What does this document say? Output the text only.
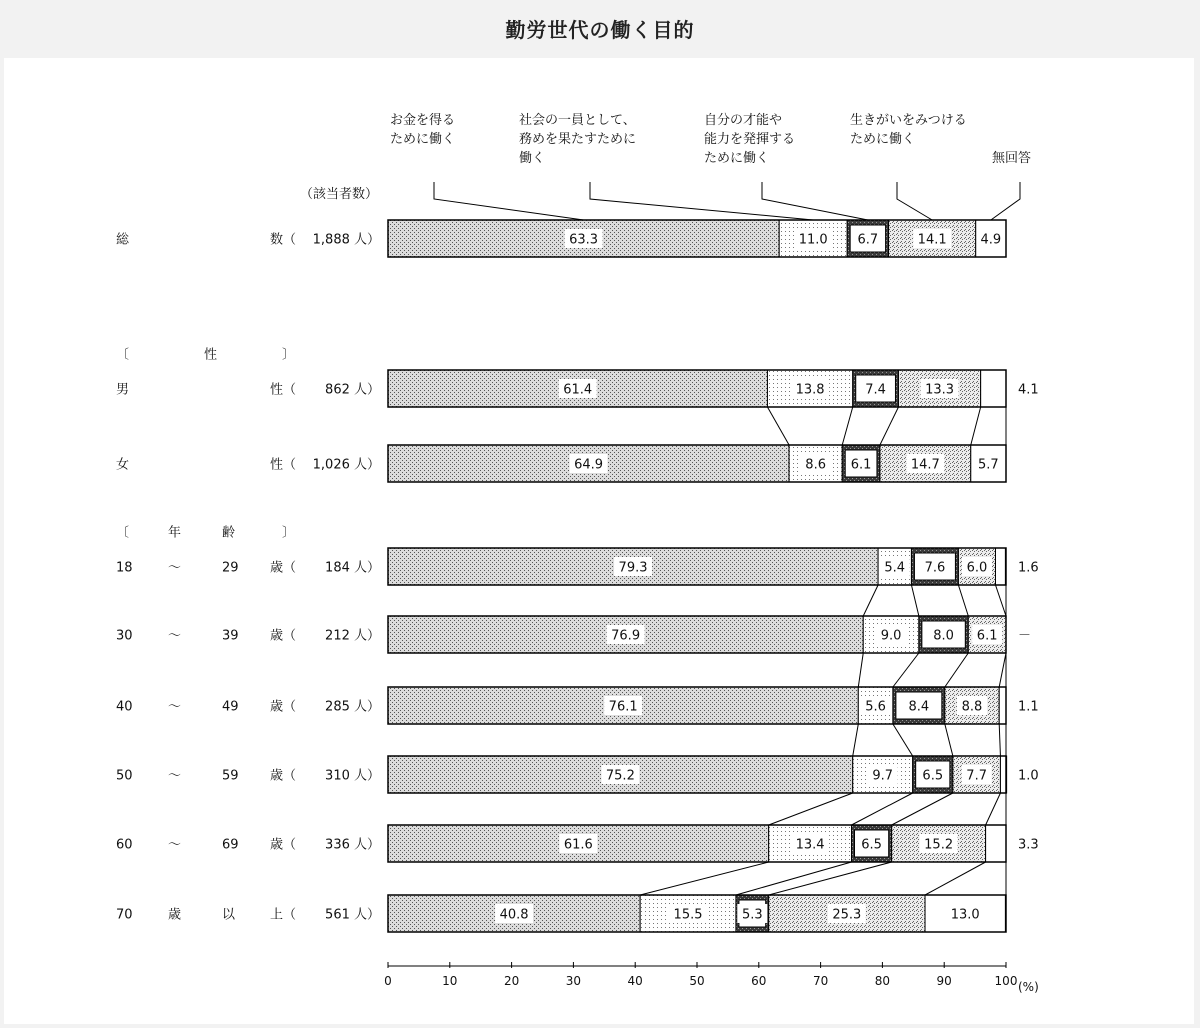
勤労世代の働く目的
（該当者数）
お金を得る
ために働く
社会の一員として、
務めを果たすために
働く
自分の才能や
能力を発揮する
ために働く
生きがいをみつける
ために働く
無回答
総	数（ 1,888 人）	63.3	11.0 6.7	14.1	4.9
〔	性	〕
男	性（ 862 人）	61.4	13.8	7.4	13.3	4.1
女	性（ 1,026 人）	64.9	8.6 6.1	14.7	5.7
〔	年	齢	〕
18	～	29 歳（ 184 人）	79.3	5.4 7.6 6.0 1.6
30	～	39 歳（ 212 人）	76.9	9.0 8.0 6.1 －
40	～	49 歳（ 285 人）	76.1	5.6 8.4 8.8	1.1
50	～	59 歳（ 310 人）	75.2	9.7 6.5 7.7 1.0
60	～	69 歳（ 336 人）	61.6	13.4	6.5	15.2	3.3
70	歳	以	上（ 561 人）	40.8	15.5	5.3	25.3	13.0
0	10	20	30	40	50	60	70	80	90	100 (%)
